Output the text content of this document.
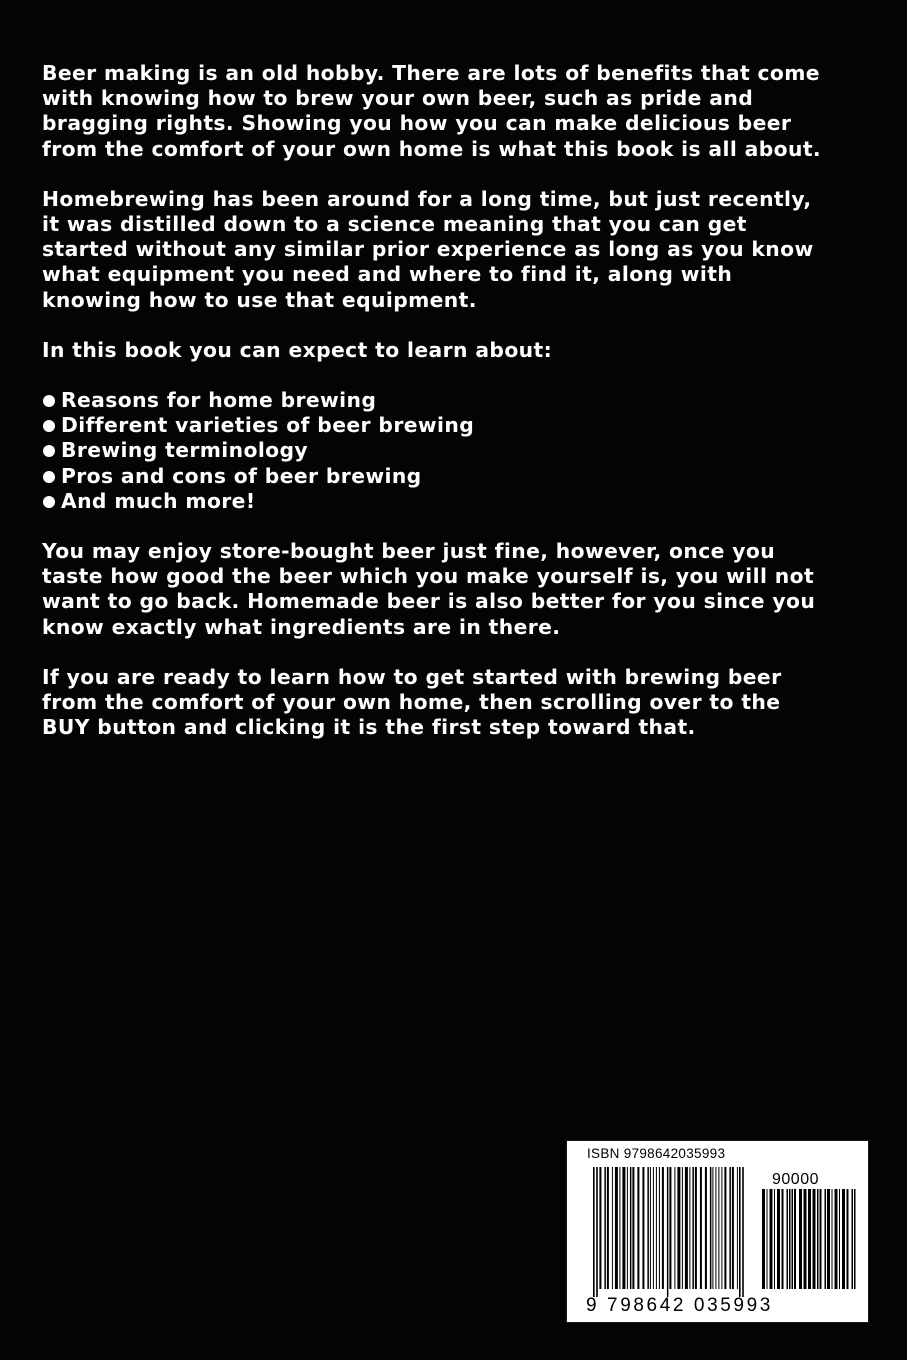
Beer making is an old hobby. There are lots of benefits that come
with knowing how to brew your own beer, such as pride and
bragging rights. Showing you how you can make delicious beer
from the comfort of your own home is what this book is all about.

Homebrewing has been around for a long time, but just recently,
it was distilled down to a science meaning that you can get
started without any similar prior experience as long as you know
what equipment you need and where to find it, along with
knowing how to use that equipment.

In this book you can expect to learn about:

Reasons for home brewing
Different varieties of beer brewing
Brewing terminology
Pros and cons of beer brewing
And much more!

You may enjoy store-bought beer just fine, however, once you
taste how good the beer which you make yourself is, you will not
want to go back. Homemade beer is also better for you since you
know exactly what ingredients are in there.

If you are ready to learn how to get started with brewing beer
from the comfort of your own home, then scrolling over to the
BUY button and clicking it is the first step toward that.

ISBN 9798642035993
90000
9 798642 035993
